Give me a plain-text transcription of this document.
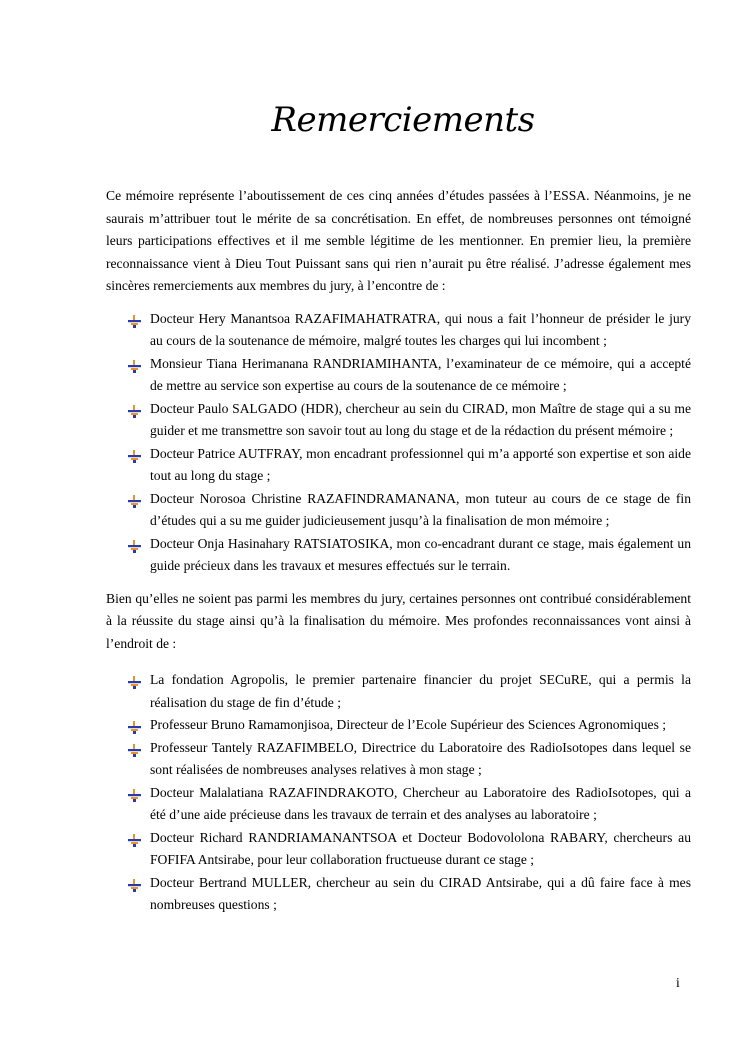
Remerciements

Ce mémoire représente l’aboutissement de ces cinq années d’études passées à l’ESSA. Néanmoins, je ne saurais m’attribuer tout le mérite de sa concrétisation. En effet, de nombreuses personnes ont témoigné leurs participations effectives et il me semble légitime de les mentionner. En premier lieu, la première reconnaissance vient à Dieu Tout Puissant sans qui rien n’aurait pu être réalisé. J’adresse également mes sincères remerciements aux membres du jury, à l’encontre de :

Docteur Hery Manantsoa RAZAFIMAHATRATRA, qui nous a fait l’honneur de présider le jury au cours de la soutenance de mémoire, malgré toutes les charges qui lui incombent ;
Monsieur Tiana Herimanana RANDRIAMIHANTA, l’examinateur de ce mémoire, qui a accepté de mettre au service son expertise au cours de la soutenance de ce mémoire ;
Docteur Paulo SALGADO (HDR), chercheur au sein du CIRAD, mon Maître de stage qui a su me guider et me transmettre son savoir tout au long du stage et de la rédaction du présent mémoire ;
Docteur Patrice AUTFRAY, mon encadrant professionnel qui m’a apporté son expertise et son aide tout au long du stage ;
Docteur Norosoa Christine RAZAFINDRAMANANA, mon tuteur au cours de ce stage de fin d’études qui a su me guider judicieusement jusqu’à la finalisation de mon mémoire ;
Docteur Onja Hasinahary RATSIATOSIKA, mon co-encadrant durant ce stage, mais également un guide précieux dans les travaux et mesures effectués sur le terrain.

Bien qu’elles ne soient pas parmi les membres du jury, certaines personnes ont contribué considérablement à la réussite du stage ainsi qu’à la finalisation du mémoire. Mes profondes reconnaissances vont ainsi à l’endroit de :

La fondation Agropolis, le premier partenaire financier du projet SECuRE, qui a permis la réalisation du stage de fin d’étude ;
Professeur Bruno Ramamonjisoa, Directeur de l’Ecole Supérieur des Sciences Agronomiques ;
Professeur Tantely RAZAFIMBELO, Directrice du Laboratoire des RadioIsotopes dans lequel se sont réalisées de nombreuses analyses relatives à mon stage ;
Docteur Malalatiana RAZAFINDRAKOTO, Chercheur au Laboratoire des RadioIsotopes, qui a été d’une aide précieuse dans les travaux de terrain et des analyses au laboratoire ;
Docteur Richard RANDRIAMANANTSOA et Docteur Bodovololona RABARY, chercheurs au FOFIFA Antsirabe, pour leur collaboration fructueuse durant ce stage ;
Docteur Bertrand MULLER, chercheur au sein du CIRAD Antsirabe, qui a dû faire face à mes nombreuses questions ;
i
